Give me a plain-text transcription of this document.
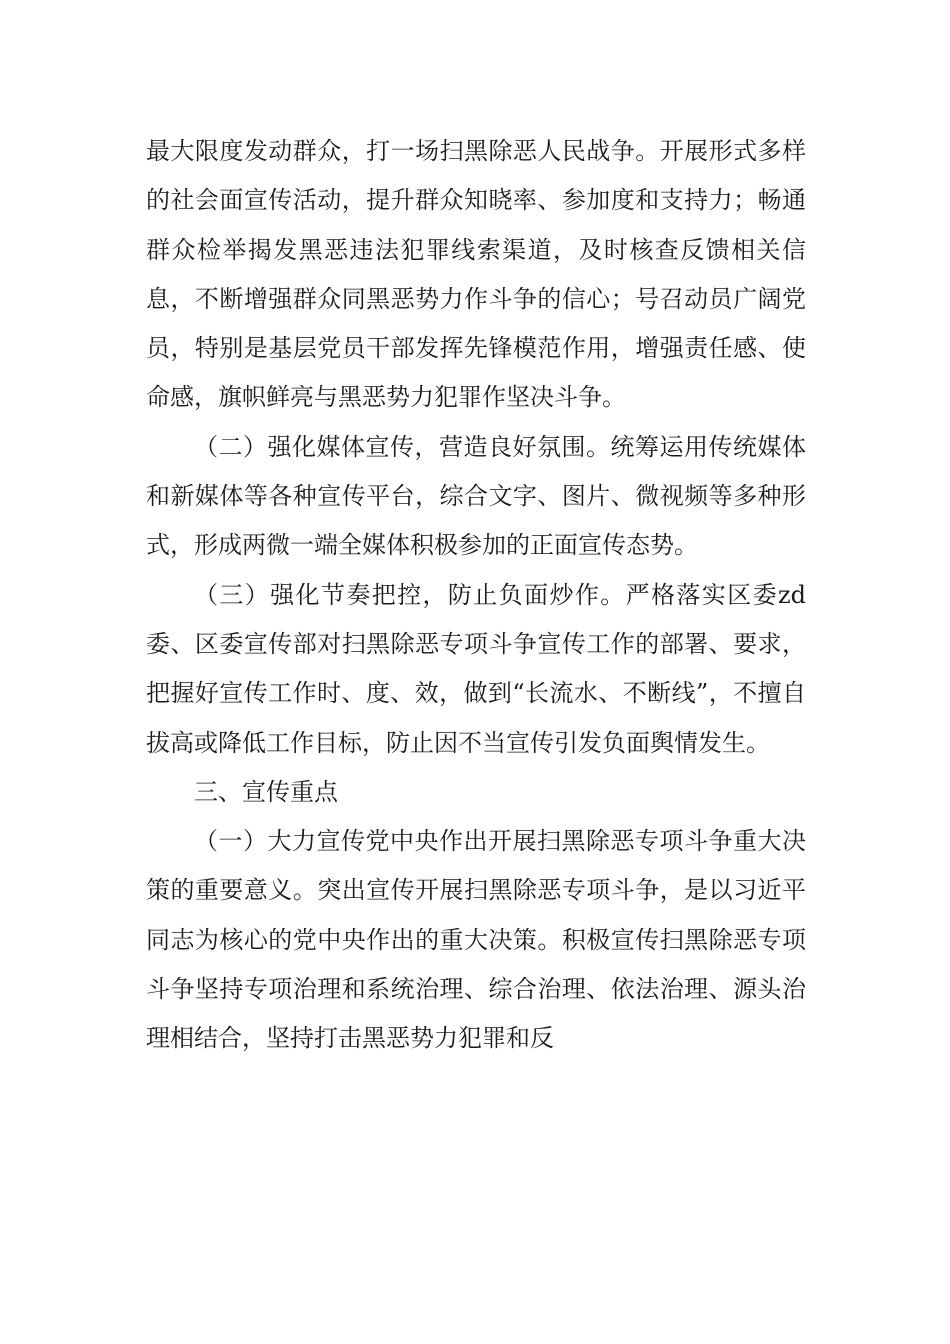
最大限度发动群众，打一场扫黑除恶人民战争。开展形式多样的社会面宣传活动，提升群众知晓率、参加度和支持力；畅通群众检举揭发黑恶违法犯罪线索渠道，及时核查反馈相关信息，不断增强群众同黑恶势力作斗争的信心；号召动员广阔党员，特别是基层党员干部发挥先锋模范作用，增强责任感、使命感，旗帜鲜亮与黑恶势力犯罪作坚决斗争。

（二）强化媒体宣传，营造良好氛围。统筹运用传统媒体和新媒体等各种宣传平台，综合文字、图片、微视频等多种形式，形成两微一端全媒体积极参加的正面宣传态势。

（三）强化节奏把控，防止负面炒作。严格落实区委zd委、区委宣传部对扫黑除恶专项斗争宣传工作的部署、要求，把握好宣传工作时、度、效，做到“长流水、不断线”，不擅自拔高或降低工作目标，防止因不当宣传引发负面舆情发生。

三、宣传重点

（一）大力宣传党中央作出开展扫黑除恶专项斗争重大决策的重要意义。突出宣传开展扫黑除恶专项斗争，是以习近平同志为核心的党中央作出的重大决策。积极宣传扫黑除恶专项斗争坚持专项治理和系统治理、综合治理、依法治理、源头治理相结合，坚持打击黑恶势力犯罪和反
